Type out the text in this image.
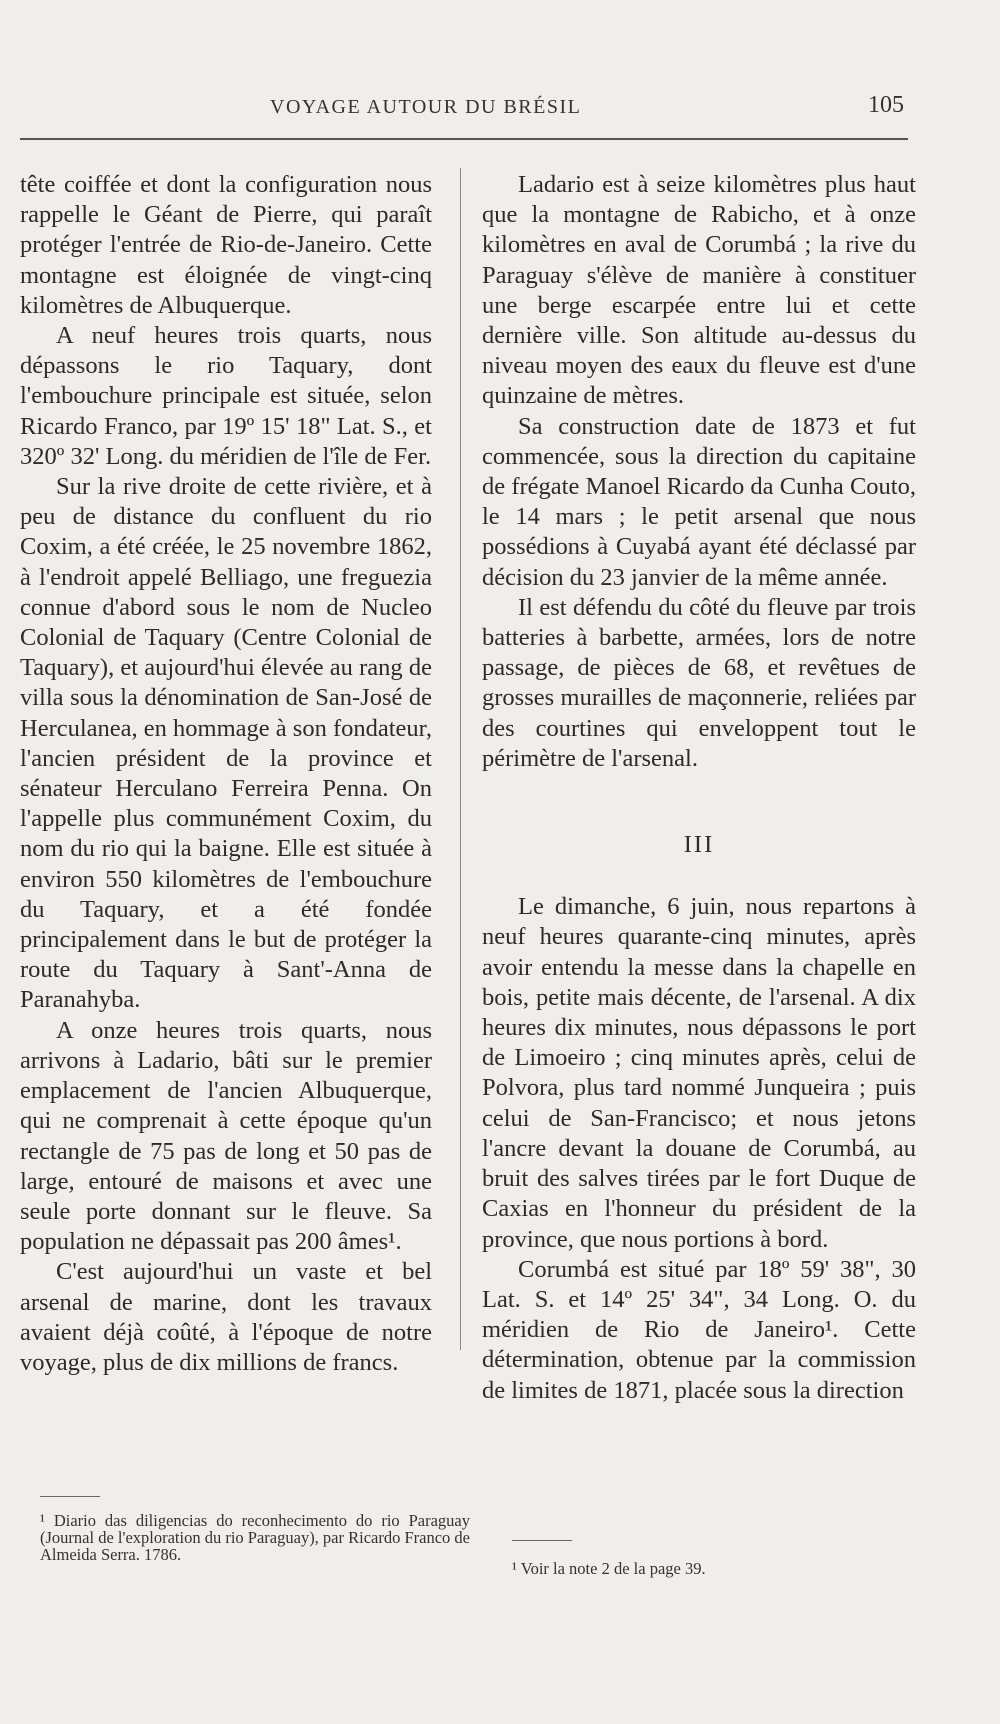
VOYAGE AUTOUR DU BRÉSIL	105

tête coiffée et dont la configuration nous rappelle le Géant de Pierre, qui paraît protéger l'entrée de Rio-de-Janeiro. Cette montagne est éloignée de vingt-cinq kilomètres de Albuquerque.

A neuf heures trois quarts, nous dépassons le rio Taquary, dont l'embouchure principale est située, selon Ricardo Franco, par 19º 15' 18" Lat. S., et 320º 32' Long. du méridien de l'île de Fer.

Sur la rive droite de cette rivière, et à peu de distance du confluent du rio Coxim, a été créée, le 25 novembre 1862, à l'endroit appelé Belliago, une freguezia connue d'abord sous le nom de Nucleo Colonial de Taquary (Centre Colonial de Taquary), et aujourd'hui élevée au rang de villa sous la dénomination de San-José de Herculanea, en hommage à son fondateur, l'ancien président de la province et sénateur Herculano Ferreira Penna. On l'appelle plus communément Coxim, du nom du rio qui la baigne. Elle est située à environ 550 kilomètres de l'embouchure du Taquary, et a été fondée principalement dans le but de protéger la route du Taquary à Sant'-Anna de Paranahyba.

A onze heures trois quarts, nous arrivons à Ladario, bâti sur le premier emplacement de l'ancien Albuquerque, qui ne comprenait à cette époque qu'un rectangle de 75 pas de long et 50 pas de large, entouré de maisons et avec une seule porte donnant sur le fleuve. Sa population ne dépassait pas 200 âmes¹.

C'est aujourd'hui un vaste et bel arsenal de marine, dont les travaux avaient déjà coûté, à l'époque de notre voyage, plus de dix millions de francs.

Ladario est à seize kilomètres plus haut que la montagne de Rabicho, et à onze kilomètres en aval de Corumbá ; la rive du Paraguay s'élève de manière à constituer une berge escarpée entre lui et cette dernière ville. Son altitude au-dessus du niveau moyen des eaux du fleuve est d'une quinzaine de mètres.

Sa construction date de 1873 et fut commencée, sous la direction du capitaine de frégate Manoel Ricardo da Cunha Couto, le 14 mars ; le petit arsenal que nous possédions à Cuyabá ayant été déclassé par décision du 23 janvier de la même année.

Il est défendu du côté du fleuve par trois batteries à barbette, armées, lors de notre passage, de pièces de 68, et revêtues de grosses murailles de maçonnerie, reliées par des courtines qui enveloppent tout le périmètre de l'arsenal.

III

Le dimanche, 6 juin, nous repartons à neuf heures quarante-cinq minutes, après avoir entendu la messe dans la chapelle en bois, petite mais décente, de l'arsenal. A dix heures dix minutes, nous dépassons le port de Limoeiro ; cinq minutes après, celui de Polvora, plus tard nommé Junqueira ; puis celui de San-Francisco; et nous jetons l'ancre devant la douane de Corumbá, au bruit des salves tirées par le fort Duque de Caxias en l'honneur du président de la province, que nous portions à bord.

Corumbá est situé par 18º 59' 38", 30 Lat. S. et 14º 25' 34", 34 Long. O. du méridien de Rio de Janeiro¹. Cette détermination, obtenue par la commission de limites de 1871, placée sous la direction

¹ Diario das diligencias do reconhecimento do rio Paraguay (Journal de l'exploration du rio Paraguay), par Ricardo Franco de Almeida Serra. 1786.
¹ Voir la note 2 de la page 39.
